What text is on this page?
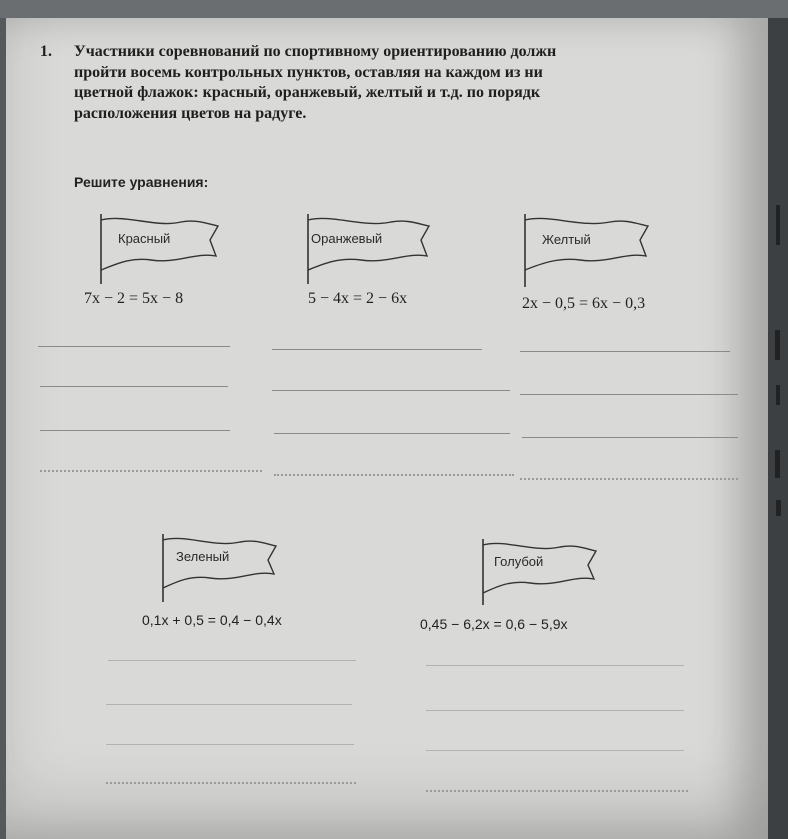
1. Участники соревнований по спортивному ориентированию должн
пройти восемь контрольных пунктов, оставляя на каждом из ни
цветной флажок: красный, оранжевый, желтый и т.д. по порядк
расположения цветов на радуге.
Решите уравнения:
Красный
7x − 2 = 5x − 8
Оранжевый
5 − 4x = 2 − 6x
Желтый
2x − 0,5 = 6x − 0,3
Зеленый
0,1x + 0,5 = 0,4 − 0,4x
Голубой
0,45 − 6,2x = 0,6 − 5,9x
